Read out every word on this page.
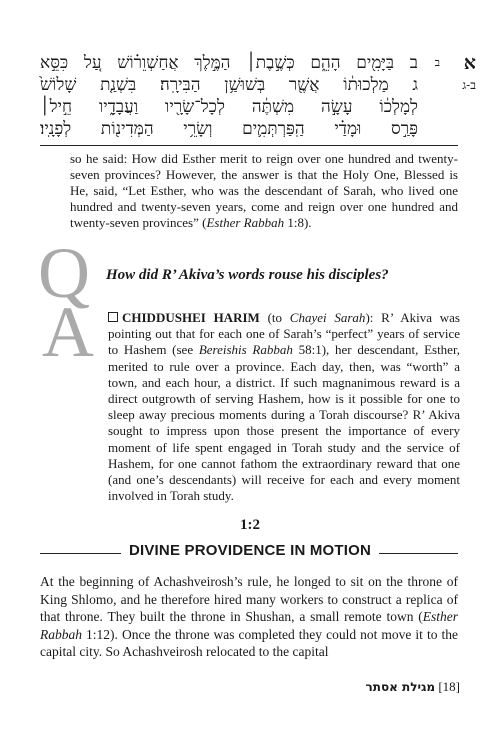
א
ב
ב-ג
ב בַּיָּמִ֖ים הָהֵ֑ם כְּשֶׁ֣בֶת׀ הַמֶּ֣לֶךְ אֲחַשְׁוֵר֗וֹשׁ עַ֚ל כִּסֵּ֣א
ג מַלְכוּת֔וֹ אֲשֶׁ֖ר בְּשׁוּשַׁ֥ן הַבִּירָֽה׃ בִּשְׁנַ֤ת שָׁלוֹשׁ֙
לְמָלְכ֔וֹ עָשָׂ֣ה מִשְׁתֶּ֔ה לְכָל־שָׂרָ֖יו וַעֲבָדָ֑יו חֵ֣יל׀
פָּרַ֣ס וּמָדַ֗י הַֽפַּרְתְּמִ֛ים וְשָׂרֵ֥י הַמְּדִינ֖וֹת לְפָנָֽיו׃

so he said: How did Esther merit to reign over one hundred and twenty-seven provinces? However, the answer is that the Holy One, Blessed is He, said, “Let Esther, who was the descendant of Sarah, who lived one hundred and twenty-seven years, come and reign over one hundred and twenty-seven provinces” (Esther Rabbah 1:8).

Q How did R’ Akiva’s words rouse his disciples?
A	CHIDDUSHEI HARIM (to Chayei Sarah): R’ Akiva was pointing out that for each one of Sarah’s “perfect” years of service to Hashem (see Bereishis Rabbah 58:1), her descendant, Esther, merited to rule over a province. Each day, then, was “worth” a town, and each hour, a district. If such magnanimous reward is a direct outgrowth of serving Hashem, how is it possible for one to sleep away precious moments during a Torah discourse? R’ Akiva sought to impress upon those present the importance of every moment of life spent engaged in Torah study and the service of Hashem, for one cannot fathom the extraordinary reward that one (and one’s descendants) will receive for each and every moment involved in Torah study.

1:2
DIVINE PROVIDENCE IN MOTION

At the beginning of Achashveirosh’s rule, he longed to sit on the throne of King Shlomo, and he therefore hired many workers to construct a replica of that throne. They built the throne in Shushan, a small remote town (Esther Rabbah 1:12). Once the throne was completed they could not move it to the capital city. So Achashveirosh relocated to the capital

מגילת אסתר [18]
